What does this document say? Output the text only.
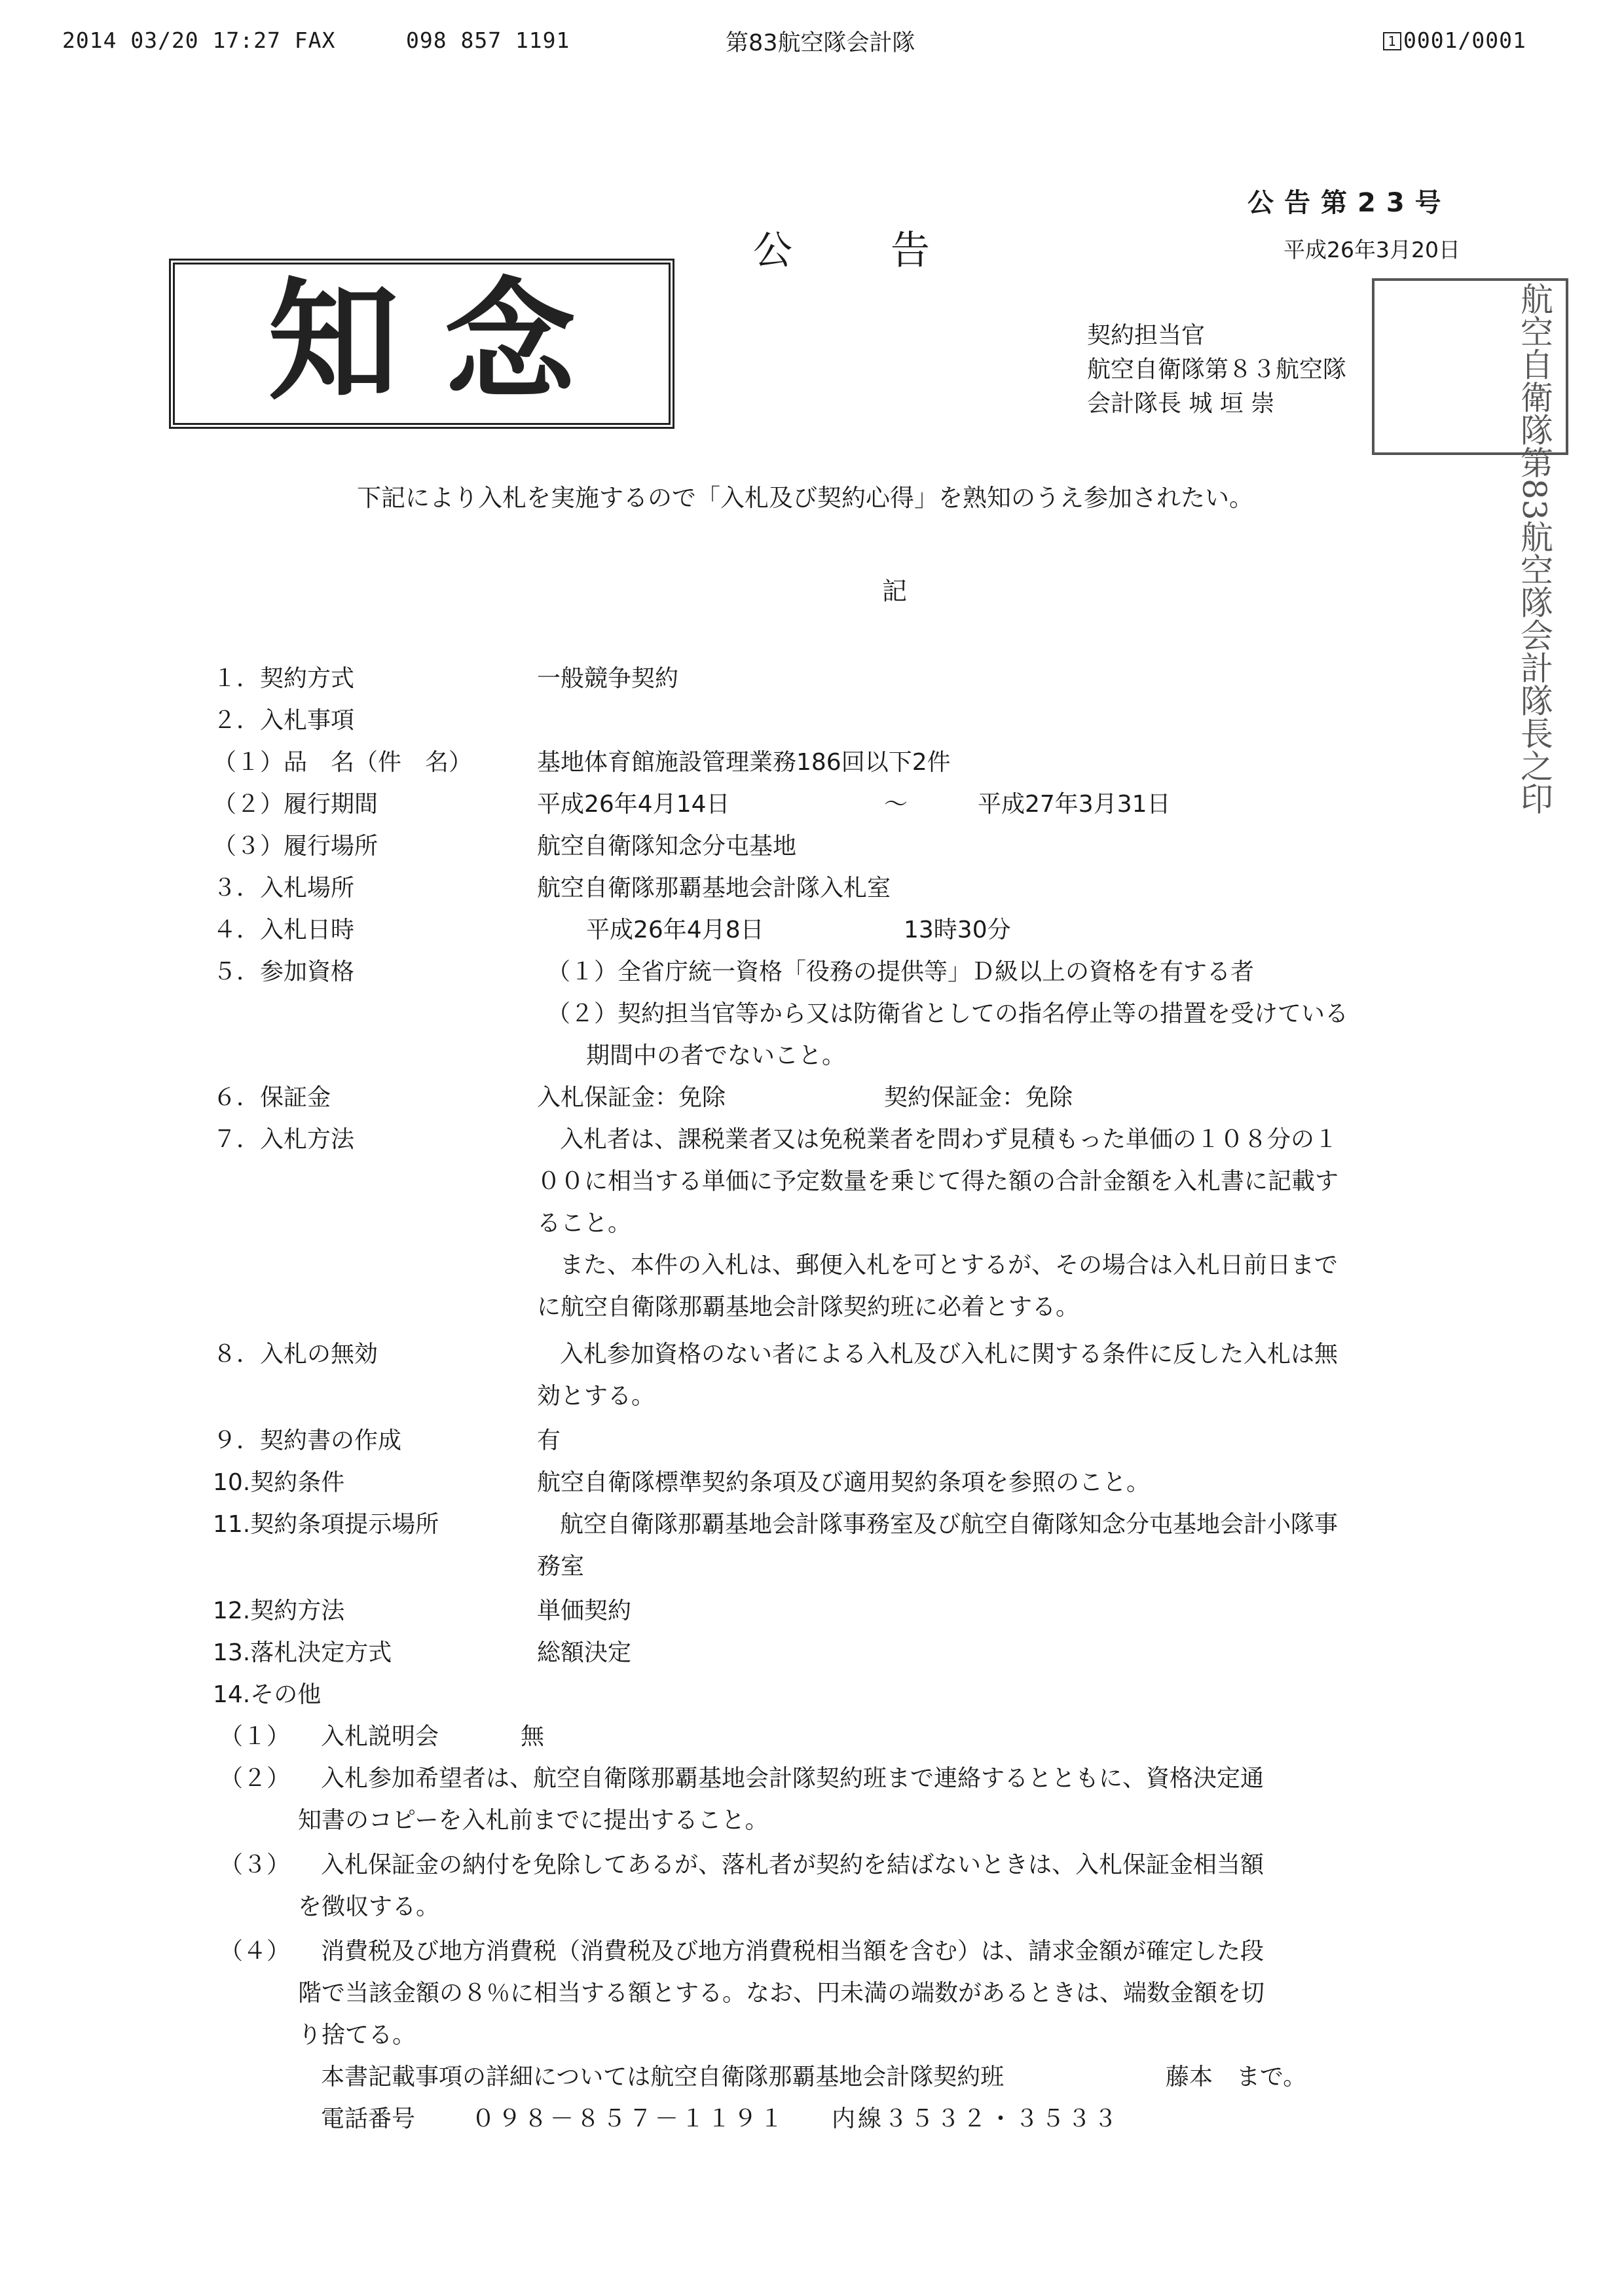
2014 03/20 17:27 FAX	098 857 1191	第83航空隊会計隊	1 0001/0001
公告第23号
公告	平成26年3月20日
知念	契約担当官
航空自衛隊第８３航空隊
会計隊長 城 垣 崇	航空自衛隊第83航空隊会計隊長之印
下記により入札を実施するので「入札及び契約心得」を熟知のうえ参加されたい。
記
１．契約方式	一般競争契約
２．入札事項
（１）品　名（件　名）	基地体育館施設管理業務186回以下2件
（２）履行期間	平成26年4月14日	～	平成27年3月31日
（３）履行場所	航空自衛隊知念分屯基地
３．入札場所	航空自衛隊那覇基地会計隊入札室
４．入札日時	平成26年4月8日	13時30分
５．参加資格	（１）全省庁統一資格「役務の提供等」Ｄ級以上の資格を有する者
（２）契約担当官等から又は防衛省としての指名停止等の措置を受けている
期間中の者でないこと。
６．保証金	入札保証金：免除	契約保証金：免除
７．入札方法	入札者は、課税業者又は免税業者を問わず見積もった単価の１０８分の１
００に相当する単価に予定数量を乗じて得た額の合計金額を入札書に記載す
ること。
また、本件の入札は、郵便入札を可とするが、その場合は入札日前日まで
に航空自衛隊那覇基地会計隊契約班に必着とする。
８．入札の無効	入札参加資格のない者による入札及び入札に関する条件に反した入札は無
効とする。
９．契約書の作成	有
10.契約条件	航空自衛隊標準契約条項及び適用契約条項を参照のこと。
11.契約条項提示場所	航空自衛隊那覇基地会計隊事務室及び航空自衛隊知念分屯基地会計小隊事
務室
12.契約方法	単価契約
13.落札決定方式	総額決定
14.その他
（１） 入札説明会	無
（２） 入札参加希望者は、航空自衛隊那覇基地会計隊契約班まで連絡するとともに、資格決定通
知書のコピーを入札前までに提出すること。
（３） 入札保証金の納付を免除してあるが、落札者が契約を結ばないときは、入札保証金相当額
を徴収する。
（４） 消費税及び地方消費税（消費税及び地方消費税相当額を含む）は、請求金額が確定した段
階で当該金額の８％に相当する額とする。なお、円未満の端数があるときは、端数金額を切
り捨てる。
本書記載事項の詳細については航空自衛隊那覇基地会計隊契約班	藤本　まで。
電話番号 ０９８－８５７－１１９１ 内線３５３２・３５３３
